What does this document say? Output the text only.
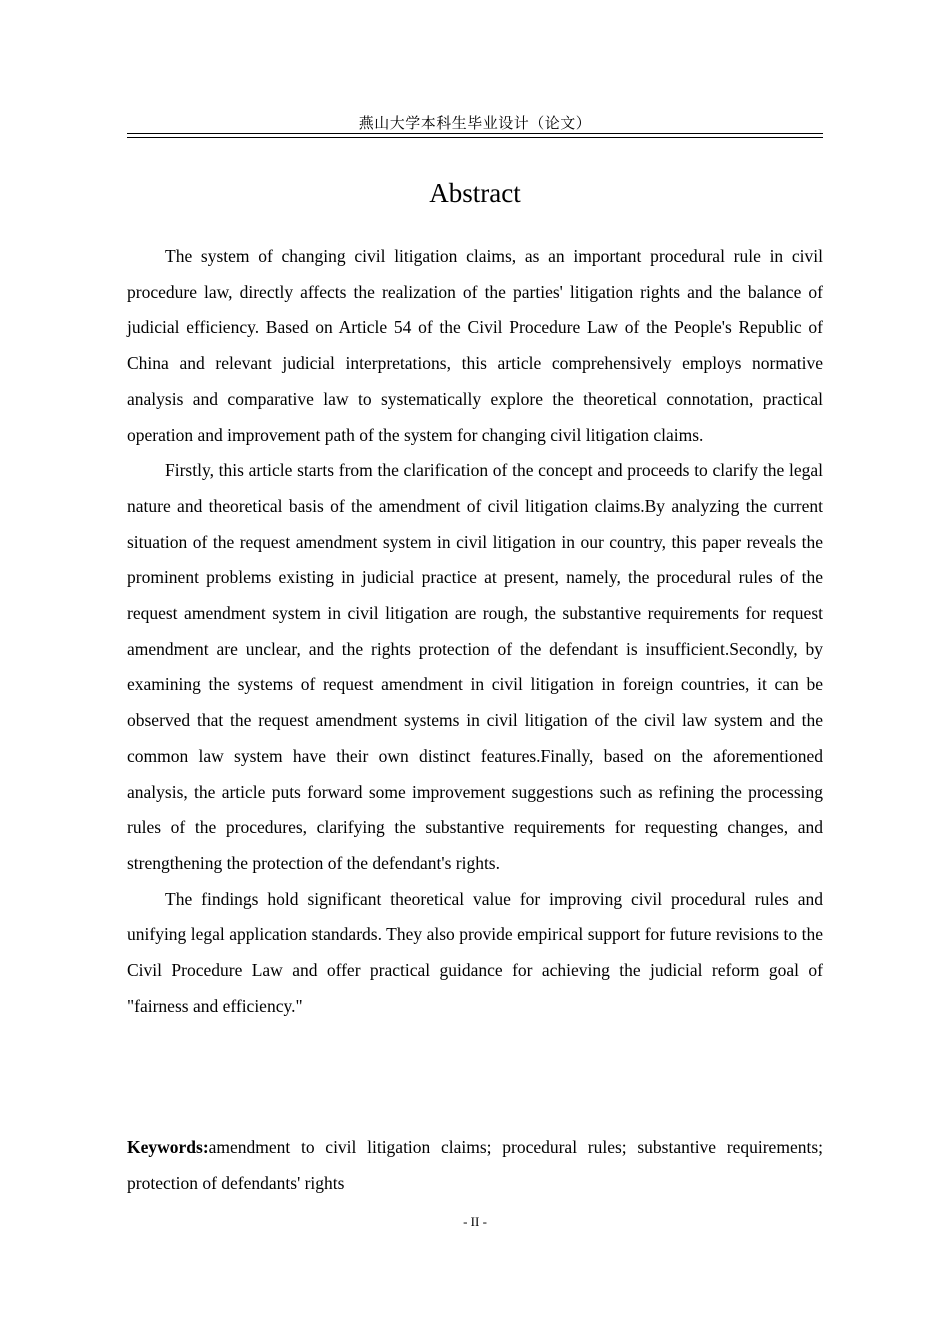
燕山大学本科生毕业设计（论文）
Abstract

The system of changing civil litigation claims, as an important procedural rule in civil procedure law, directly affects the realization of the parties' litigation rights and the balance of judicial efficiency. Based on Article 54 of the Civil Procedure Law of the People's Republic of China and relevant judicial interpretations, this article comprehensively employs normative analysis and comparative law to systematically explore the theoretical connotation, practical operation and improvement path of the system for changing civil litigation claims.

Firstly, this article starts from the clarification of the concept and proceeds to clarify the legal nature and theoretical basis of the amendment of civil litigation claims.By analyzing the current situation of the request amendment system in civil litigation in our country, this paper reveals the prominent problems existing in judicial practice at present, namely, the procedural rules of the request amendment system in civil litigation are rough, the substantive requirements for request amendment are unclear, and the rights protection of the defendant is insufficient.Secondly, by examining the systems of request amendment in civil litigation in foreign countries, it can be observed that the request amendment systems in civil litigation of the civil law system and the common law system have their own distinct features.Finally, based on the aforementioned analysis, the article puts forward some improvement suggestions such as refining the processing rules of the procedures, clarifying the substantive requirements for requesting changes, and strengthening the protection of the defendant's rights.

The findings hold significant theoretical value for improving civil procedural rules and unifying legal application standards. They also provide empirical support for future revisions to the Civil Procedure Law and offer practical guidance for achieving the judicial reform goal of "fairness and efficiency."

Keywords:amendment to civil litigation claims; procedural rules; substantive requirements; protection of defendants' rights

- II -
